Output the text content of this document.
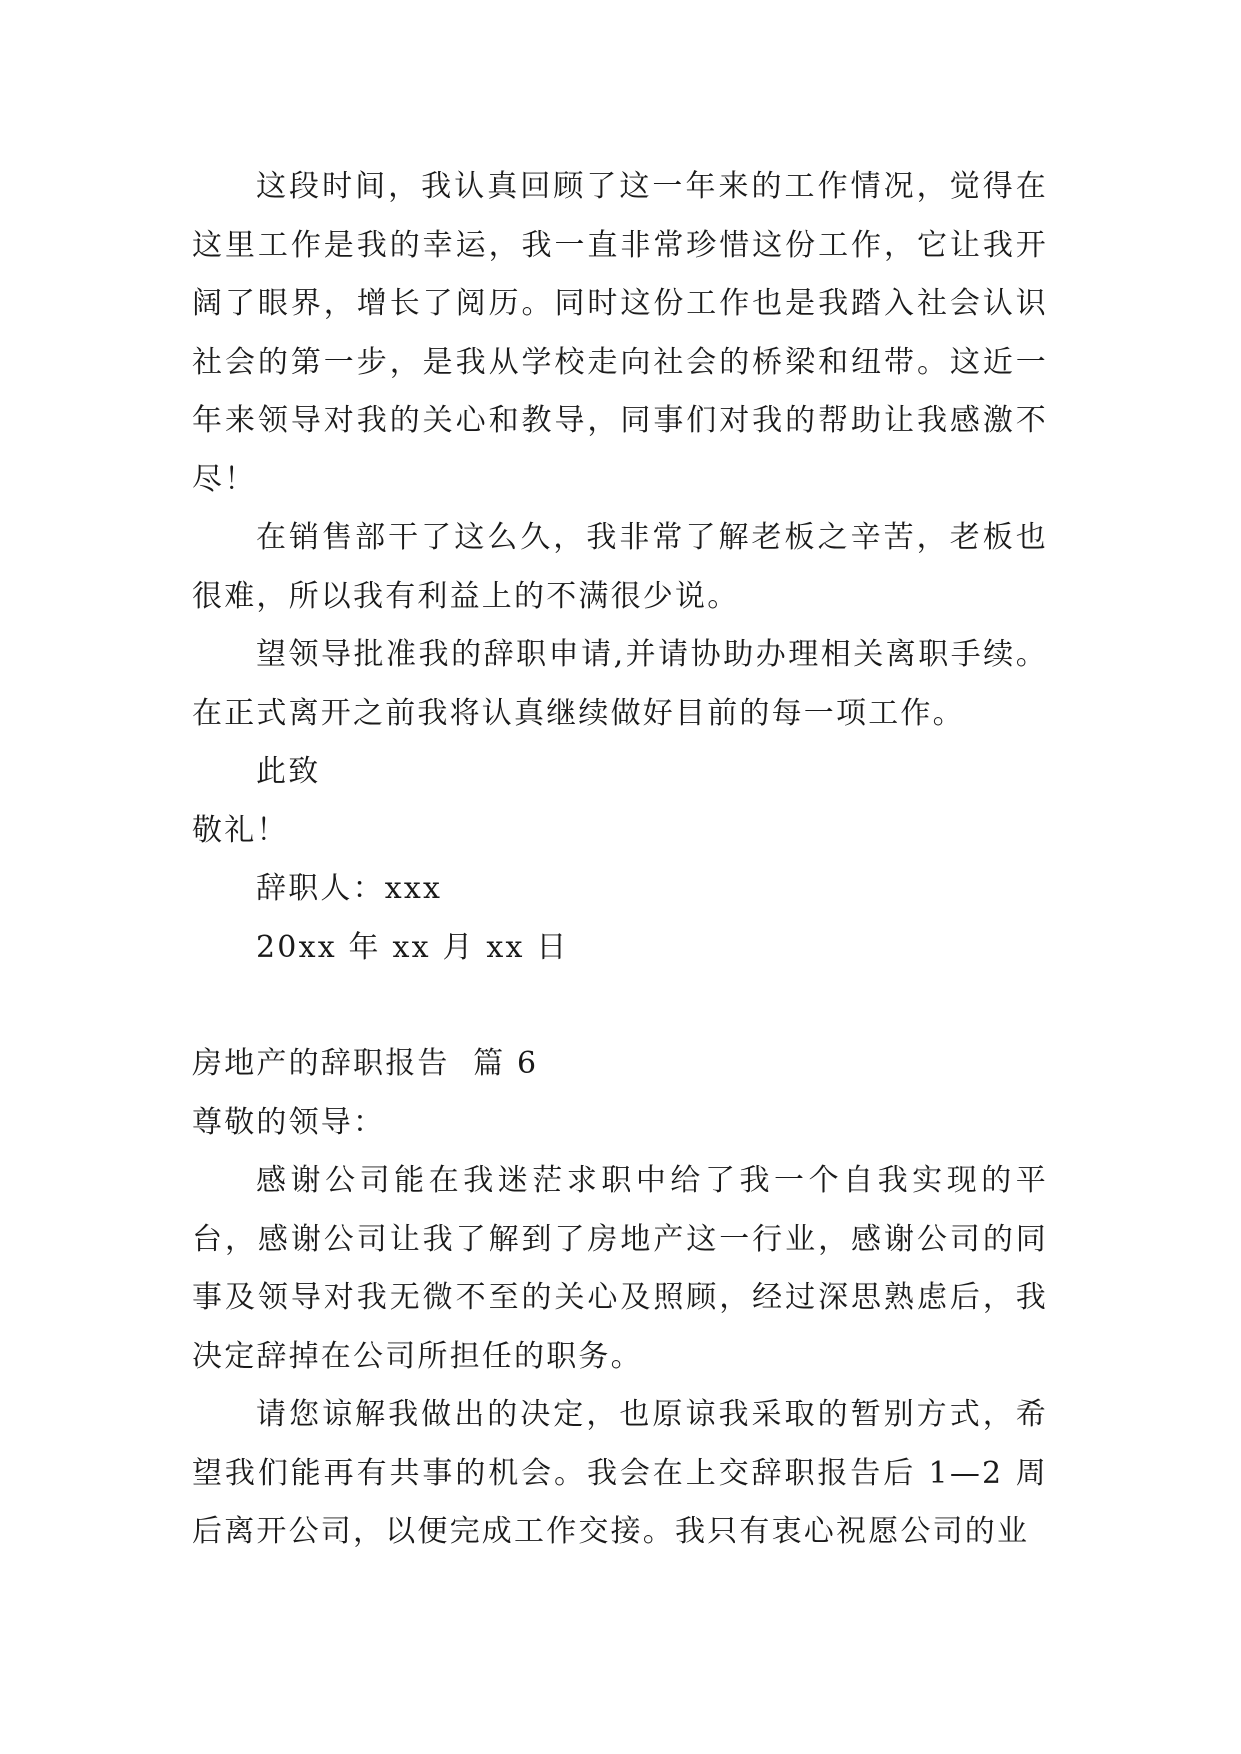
这段时间，我认真回顾了这一年来的工作情况，觉得在这里工作是我的幸运，我一直非常珍惜这份工作，它让我开阔了眼界，增长了阅历。同时这份工作也是我踏入社会认识社会的第一步，是我从学校走向社会的桥梁和纽带。这近一年来领导对我的关心和教导，同事们对我的帮助让我感激不尽！

在销售部干了这么久，我非常了解老板之辛苦，老板也很难，所以我有利益上的不满很少说。

望领导批准我的辞职申请,并请协助办理相关离职手续。在正式离开之前我将认真继续做好目前的每一项工作。

此致

敬礼！

辞职人：xxx

20xx 年 xx 月 xx 日

房地产的辞职报告  篇 6

尊敬的领导：

感谢公司能在我迷茫求职中给了我一个自我实现的平台，感谢公司让我了解到了房地产这一行业，感谢公司的同事及领导对我无微不至的关心及照顾，经过深思熟虑后，我决定辞掉在公司所担任的职务。

请您谅解我做出的决定，也原谅我采取的暂别方式，希望我们能再有共事的机会。我会在上交辞职报告后 1—2 周后离开公司，以便完成工作交接。我只有衷心祝愿公司的业
